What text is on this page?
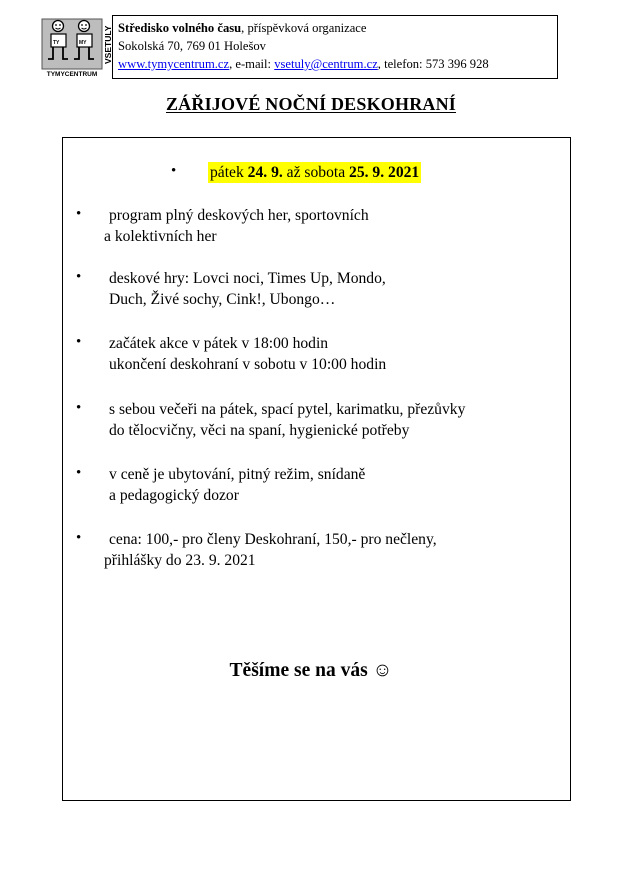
TY	MY
TYMYCENTRUM
VSETULY Středisko volného času, příspěvková organizace
Sokolská 70, 769 01 Holešov
www.tymycentrum.cz, e-mail: vsetuly@centrum.cz, telefon: 573 396 928
ZÁŘIJOVÉ NOČNÍ DESKOHRANÍ
• pátek 24. 9. až sobota 25. 9. 2021
• program plný deskových her, sportovních
a kolektivních her
• deskové hry: Lovci noci, Times Up, Mondo,
Duch, Živé sochy, Cink!, Ubongo…
• začátek akce v pátek v 18:00 hodin
ukončení deskohraní v sobotu v 10:00 hodin
• s sebou večeři na pátek, spací pytel, karimatku, přezůvky
do tělocvičny, věci na spaní, hygienické potřeby
• v ceně je ubytování, pitný režim, snídaně
a pedagogický dozor
• cena: 100,- pro členy Deskohraní, 150,- pro nečleny,
přihlášky do 23. 9. 2021
Těšíme se na vás ☺
